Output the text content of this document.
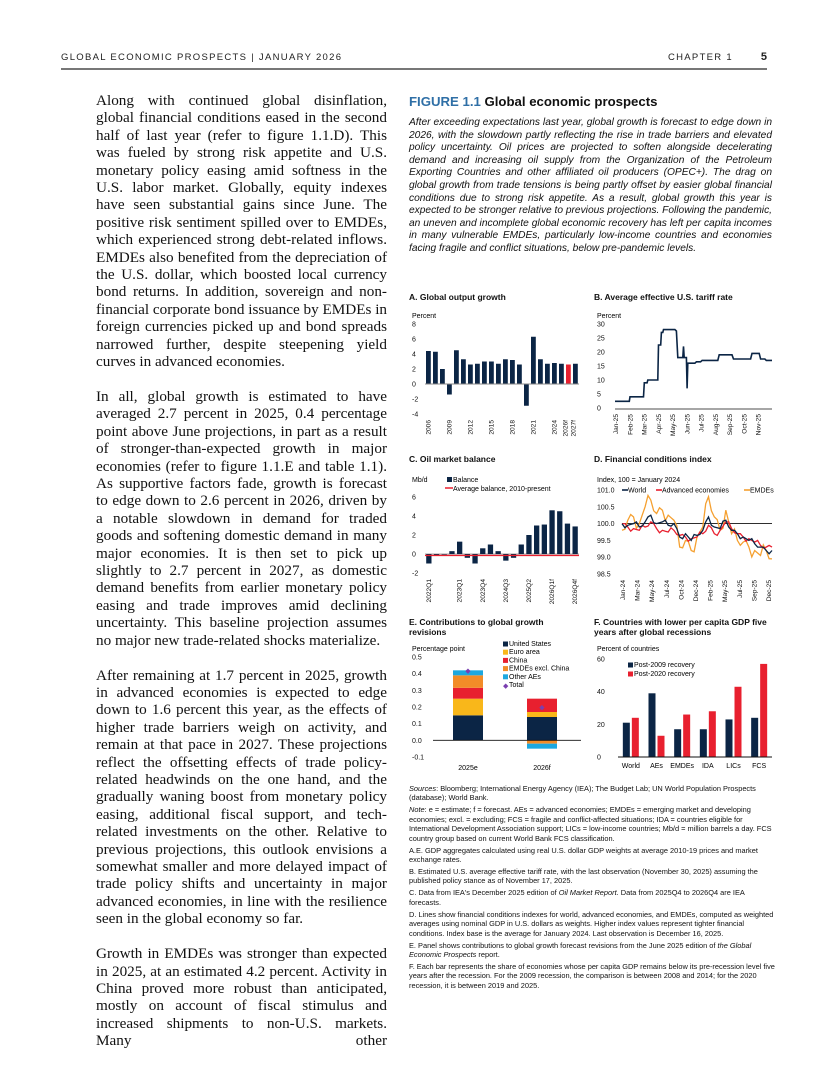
GLOBAL ECONOMIC PROSPECTS | JANUARY 2026	CHAPTER 1	5

Along with continued global disinflation, global financial conditions eased in the second half of last year (refer to figure 1.1.D). This was fueled by strong risk appetite and U.S. monetary policy easing amid softness in the U.S. labor market. Globally, equity indexes have seen substantial gains since June. The positive risk sentiment spilled over to EMDEs, which experienced strong debt-related inflows. EMDEs also benefited from the depreciation of the U.S. dollar, which boosted local currency bond returns. In addition, sovereign and non-financial corporate bond issuance by EMDEs in foreign currencies picked up and bond spreads narrowed further, despite steepening yield curves in advanced economies.

In all, global growth is estimated to have averaged 2.7 percent in 2025, 0.4 percentage point above June projections, in part as a result of stronger-than-expected growth in major economies (refer to figure 1.1.E and table 1.1). As supportive factors fade, growth is forecast to edge down to 2.6 percent in 2026, driven by a notable slowdown in demand for traded goods and softening domestic demand in many major economies. It is then set to pick up slightly to 2.7 percent in 2027, as domestic demand benefits from earlier monetary policy easing and trade improves amid declining uncertainty. This baseline projection assumes no major new trade-related shocks materialize.

After remaining at 1.7 percent in 2025, growth in advanced economies is expected to edge down to 1.6 percent this year, as the effects of higher trade barriers weigh on activity, and remain at that pace in 2027. These projections reflect the offsetting effects of trade policy-related headwinds on the one hand, and the gradually waning boost from monetary policy easing, additional fiscal support, and tech-related investments on the other. Relative to previous projections, this outlook envisions a somewhat smaller and more delayed impact of trade policy shifts and uncertainty in major advanced economies, in line with the resilience seen in the global economy so far.

Growth in EMDEs was stronger than expected in 2025, at an estimated 4.2 percent. Activity in China proved more robust than anticipated, mostly on account of fiscal stimulus and increased shipments to non-U.S. markets. Many other

FIGURE 1.1 Global economic prospects

After exceeding expectations last year, global growth is forecast to edge down in 2026, with the slowdown partly reflecting the rise in trade barriers and elevated policy uncertainty. Oil prices are projected to soften alongside decelerating demand and increasing oil supply from the Organization of the Petroleum Exporting Countries and other affiliated oil producers (OPEC+). The drag on global growth from trade tensions is being partly offset by easier global financial conditions due to strong risk appetite. As a result, global growth this year is expected to be stronger relative to previous projections. Following the pandemic, an uneven and incomplete global economic recovery has left per capita incomes in many vulnerable EMDEs, particularly low-income countries and economies facing fragile and conflict situations, below pre-pandemic levels.

A. Global output growth
Percent
8
6
4
2
0
-2
-4
2006 2009 2012 2015 2018 2021 2024 2026f 2027f
B. Average effective U.S. tariff rate
Percent
30
25
20
15
10
5
0
Jan-25 Feb-25 Mar-25 Apr-25 May-25 Jun-25 Jul-25 Aug-25 Sep-25 Oct-25 Nov-25
C. Oil market balance
Mb/d	Balance
Average balance, 2010-present
6
4
2
0
-2
2022Q1	2023Q1 2023Q4 2024Q3 2025Q2 2026Q1f 2026Q4f
D. Financial conditions index
Index, 100 = January 2024
101.0
100.5
100.0
99.5
99.0
98.5
World Advanced economies	EMDEs
Jan-24 Mar-24 May-24 Jul-24 Oct-24 Dec-24 Feb-25 May-25 Jul-25 Sep-25 Dec-25
E. Contributions to global growth revisions
Percentage point
0.5
0.4
0.3
0.2
0.1
0.0
-0.1
United States
Euro area
China
EMDEs excl. China
Other AEs
◆ Total
◆
2025e
◆
2026f
F. Countries with lower per capita GDP five years after global recessions
Percent of countries
60
40
20
0
Post-2009 recovery
Post-2020 recovery
World AEs EMDEs IDA LICs FCS

Sources: Bloomberg; International Energy Agency (IEA); The Budget Lab; UN World Population Prospects (database); World Bank.

Note: e = estimate; f = forecast. AEs = advanced economies; EMDEs = emerging market and developing economies; excl. = excluding; FCS = fragile and conflict-affected situations; IDA = countries eligible for International Development Association support; LICs = low-income countries; Mb/d = million barrels a day. FCS country group based on current World Bank FCS classification.

A.E. GDP aggregates calculated using real U.S. dollar GDP weights at average 2010-19 prices and market exchange rates.

B. Estimated U.S. average effective tariff rate, with the last observation (November 30, 2025) assuming the published policy stance as of November 17, 2025.

C. Data from IEA's December 2025 edition of Oil Market Report. Data from 2025Q4 to 2026Q4 are IEA forecasts.

D. Lines show financial conditions indexes for world, advanced economies, and EMDEs, computed as weighted averages using nominal GDP in U.S. dollars as weights. Higher index values represent tighter financial conditions. Index base is the average for January 2024. Last observation is December 16, 2025.

E. Panel shows contributions to global growth forecast revisions from the June 2025 edition of the Global Economic Prospects report.

F. Each bar represents the share of economies whose per capita GDP remains below its pre-recession level five years after the recession. For the 2009 recession, the comparison is between 2008 and 2014; for the 2020 recession, it is between 2019 and 2025.
